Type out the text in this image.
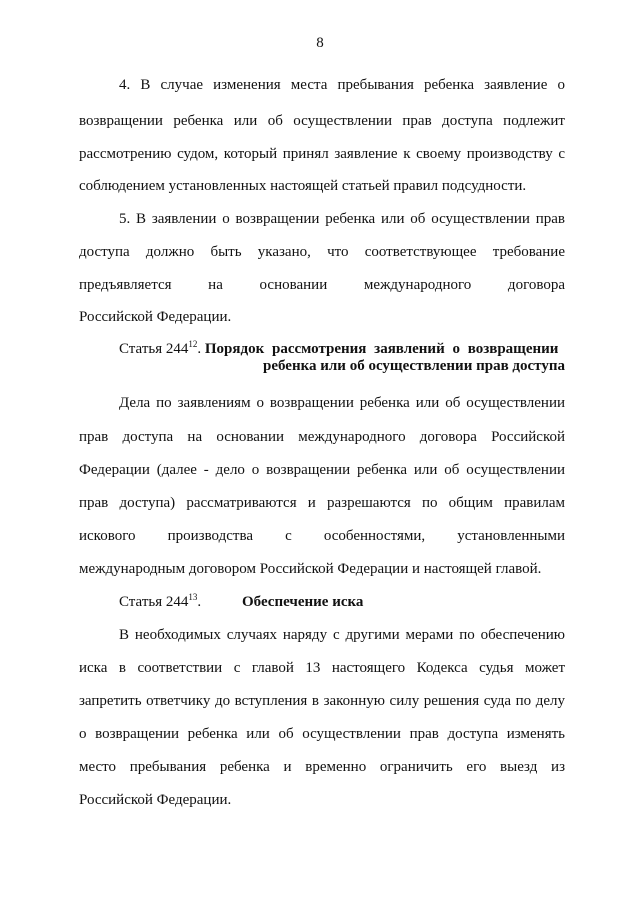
8
4. В случае изменения места пребывания ребенка заявление о
возвращении ребенка или об осуществлении прав доступа подлежит
рассмотрению судом, который принял заявление к своему производству с
соблюдением установленных настоящей статьей правил подсудности.
5. В заявлении о возвращении ребенка или об осуществлении прав
доступа должно быть указано, что соответствующее требование
предъявляется на основании международного договора
Российской Федерации.
Статья $244^{12}$. Порядок рассмотрения заявлений о возвращении
ребенка или об осуществлении прав доступа
Дела по заявлениям о возвращении ребенка или об осуществлении
прав доступа на основании международного договора Российской
Федерации (далее - дело о возвращении ребенка или об осуществлении
прав доступа) рассматриваются и разрешаются по общим правилам
искового производства с особенностями, установленными
международным договором Российской Федерации и настоящей главой.
Статья $244^{13}$.	Обеспечение иска
В необходимых случаях наряду с другими мерами по обеспечению
иска в соответствии с главой 13 настоящего Кодекса судья может
запретить ответчику до вступления в законную силу решения суда по делу
о возвращении ребенка или об осуществлении прав доступа изменять
место пребывания ребенка и временно ограничить его выезд из
Российской Федерации.
